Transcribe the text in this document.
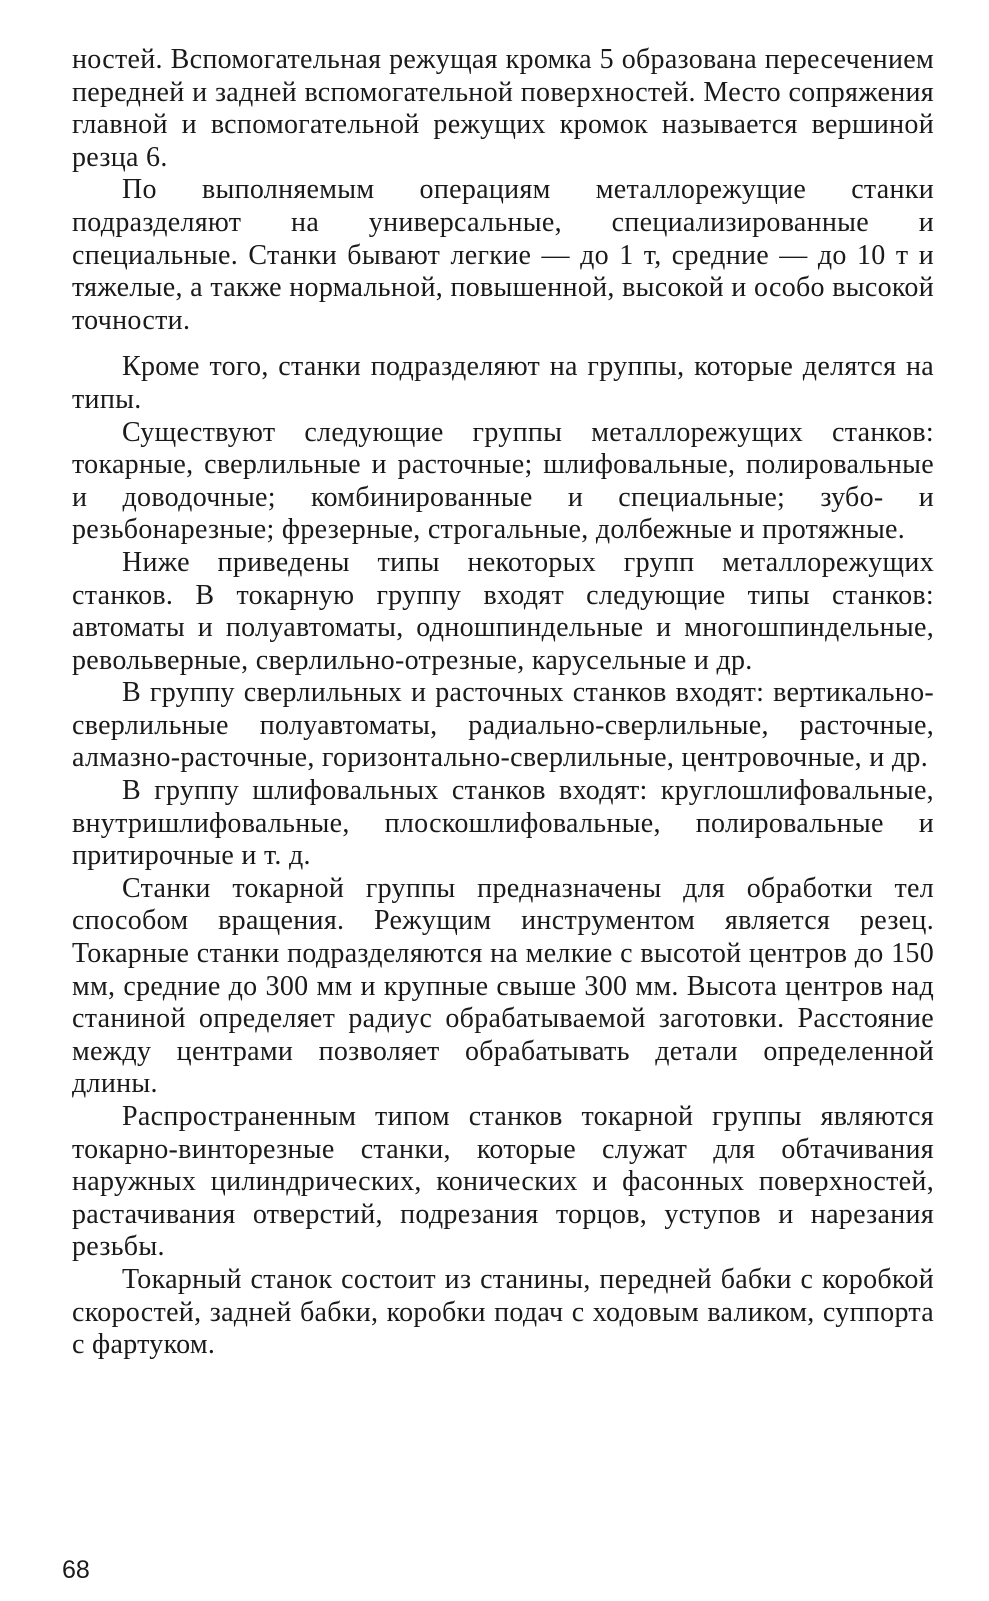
ностей. Вспомогательная режущая кромка 5 образована пересечением передней и задней вспомогательной поверхностей. Место сопряжения главной и вспомогательной режущих кромок называется вершиной резца 6.

По выполняемым операциям металлорежущие станки подразделяют на универсальные, специализированные и специальные. Станки бывают легкие — до 1 т, средние — до 10 т и тяжелые, а также нормальной, повышенной, высокой и особо высокой точности.

Кроме того, станки подразделяют на группы, которые делятся на типы.

Существуют следующие группы металлорежущих станков: токарные, сверлильные и расточные; шлифовальные, полировальные и доводочные; комбинированные и специальные; зубо- и резьбонарезные; фрезерные, строгальные, долбежные и протяжные.

Ниже приведены типы некоторых групп металлорежущих станков. В токарную группу входят следующие типы станков: автоматы и полуавтоматы, одношпиндельные и многошпиндельные, револьверные, сверлильно-отрезные, карусельные и др.

В группу сверлильных и расточных станков входят: вертикально-сверлильные полуавтоматы, радиально-сверлильные, расточные, алмазно-расточные, горизонтально-сверлильные, центровочные, и др.

В группу шлифовальных станков входят: круглошлифовальные, внутришлифовальные, плоскошлифовальные, полировальные и притирочные и т. д.

Станки токарной группы предназначены для обработки тел способом вращения. Режущим инструментом является резец. Токарные станки подразделяются на мелкие с высотой центров до 150 мм, средние до 300 мм и крупные свыше 300 мм. Высота центров над станиной определяет радиус обрабатываемой заготовки. Расстояние между центрами позволяет обрабатывать детали определенной длины.

Распространенным типом станков токарной группы являются токарно-винторезные станки, которые служат для обтачивания наружных цилиндрических, конических и фасонных поверхностей, растачивания отверстий, подрезания торцов, уступов и нарезания резьбы.

Токарный станок состоит из станины, передней бабки с коробкой скоростей, задней бабки, коробки подач с ходовым валиком, суппорта с фартуком.

68
